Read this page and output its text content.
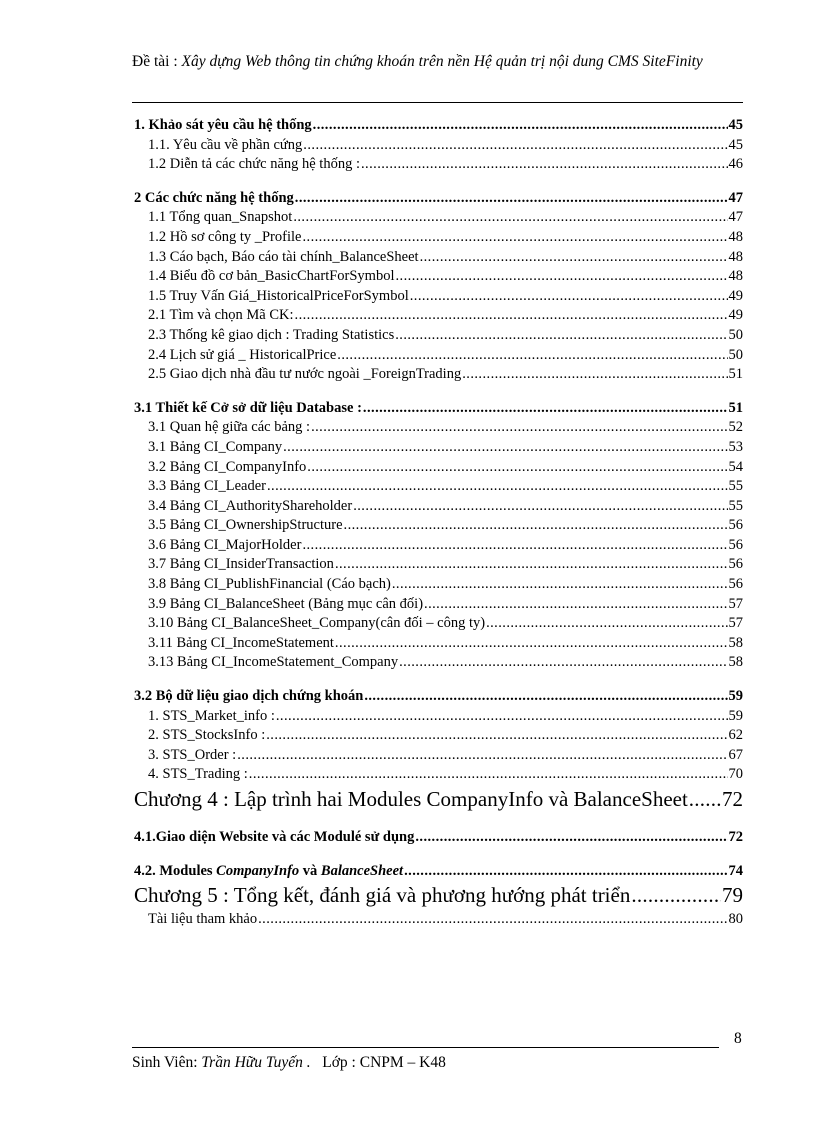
Đề tài : Xây dựng Web thông tin chứng khoán trên nền Hệ quản trị nội dung CMS SiteFinity
1. Khảo sát yêu cầu hệ thống . . .	45
1.1. Yêu cầu về phần cứng . . .	45
1.2 Diễn tả các chức năng hệ thống : . . .	46
2 Các chức năng hệ thống . . .	47
1.1 Tổng quan_Snapshot . . .	47
1.2 Hồ sơ công ty _Profile . . .	48
1.3 Cáo bạch, Báo cáo tài chính_BalanceSheet . . .	48
1.4 Biểu đồ cơ bản_BasicChartForSymbol . . .	48
1.5 Truy Vấn Giá_HistoricalPriceForSymbol . . .	49
2.1 Tìm và chọn Mã CK: . . .	49
2.3 Thống kê giao dịch : Trading Statistics . . .	50
2.4 Lịch sử giá _ HistoricalPrice . . .	50
2.5 Giao dịch nhà đầu tư nước ngoài _ForeignTrading . . .	51
3.1 Thiết kế Cở sở dữ liệu Database : . . .	51
3.1 Quan hệ giữa các bảng : . . .	52
3.1 Bảng CI_Company . . .	53
3.2 Bảng CI_CompanyInfo . . .	54
3.3 Bảng CI_Leader . . .	55
3.4 Bảng CI_AuthorityShareholder . . .	55
3.5 Bảng CI_OwnershipStructure . . .	56
3.6 Bảng CI_MajorHolder . . .	56
3.7 Bảng CI_InsiderTransaction . . .	56
3.8 Bảng CI_PublishFinancial (Cáo bạch) . . .	56
3.9 Bảng CI_BalanceSheet (Bảng mục cân đối) . . .	57
3.10 Bảng CI_BalanceSheet_Company(cân đối – công ty) . . .	57
3.11 Bảng CI_IncomeStatement . . .	58
3.13 Bảng CI_IncomeStatement_Company . . .	58
3.2 Bộ dữ liệu giao dịch chứng khoán . . .	59
1. STS_Market_info : . . .	59
2. STS_StocksInfo : . . .	62
3. STS_Order : . . .	67
4. STS_Trading : . . .	70
Chương 4 : Lập trình hai Modules CompanyInfo và BalanceSheet . . . 72
4.1.Giao diện Website và các Modulé sử dụng . . .	72
4.2. Modules CompanyInfo và BalanceSheet . . .	74
Chương 5 : Tổng kết, đánh giá và phương hướng phát triển . . .	79
Tài liệu tham khảo . . .	80
8
Sinh Viên: Trần Hữu Tuyến . Lớp : CNPM – K48
